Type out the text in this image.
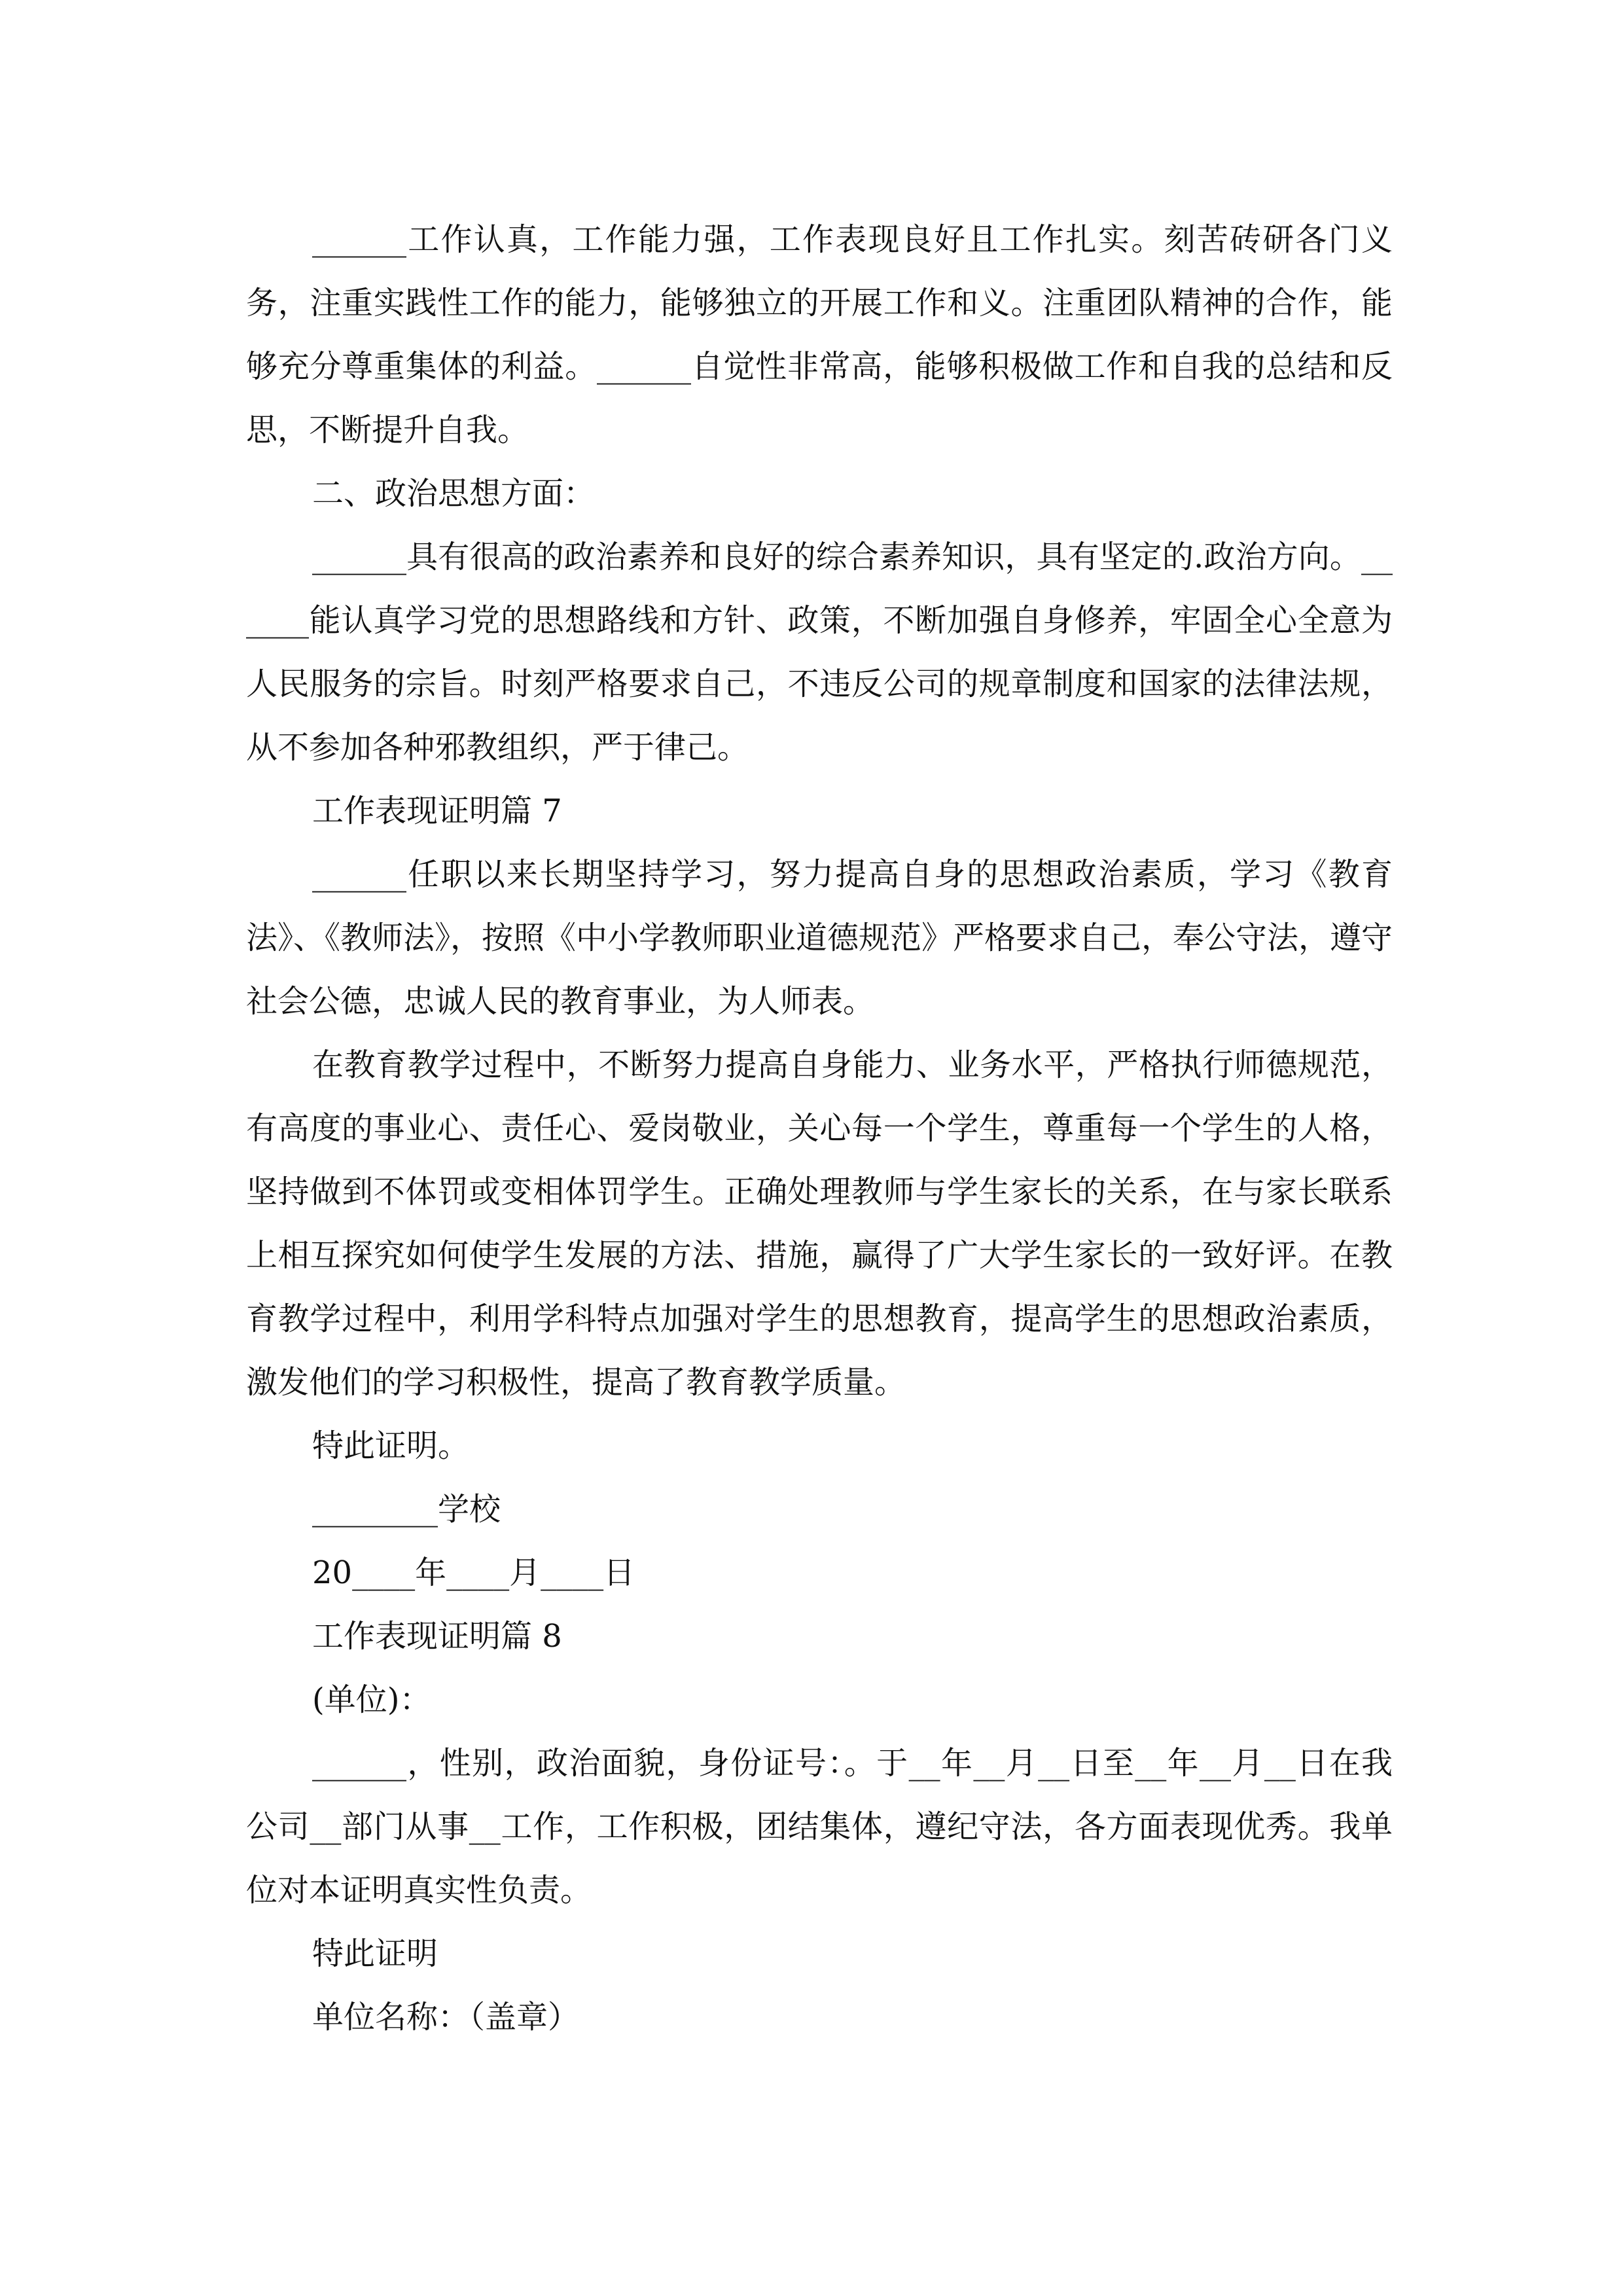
______工作认真，工作能力强，工作表现良好且工作扎实。刻苦砖研各门义务，注重实践性工作的能力，能够独立的开展工作和义。注重团队精神的合作，能够充分尊重集体的利益。______自觉性非常高，能够积极做工作和自我的总结和反思，不断提升自我。

二、政治思想方面：

______具有很高的政治素养和良好的综合素养知识，具有坚定的.政治方向。______能认真学习党的思想路线和方针、政策，不断加强自身修养，牢固全心全意为人民服务的宗旨。时刻严格要求自己，不违反公司的规章制度和国家的法律法规，从不参加各种邪教组织，严于律己。

工作表现证明篇 7

______任职以来长期坚持学习，努力提高自身的思想政治素质，学习《教育法》、《教师法》，按照《中小学教师职业道德规范》严格要求自己，奉公守法，遵守社会公德，忠诚人民的教育事业，为人师表。

在教育教学过程中，不断努力提高自身能力、业务水平，严格执行师德规范，有高度的事业心、责任心、爱岗敬业，关心每一个学生，尊重每一个学生的人格，坚持做到不体罚或变相体罚学生。正确处理教师与学生家长的关系，在与家长联系上相互探究如何使学生发展的方法、措施，赢得了广大学生家长的一致好评。在教育教学过程中，利用学科特点加强对学生的思想教育，提高学生的思想政治素质，激发他们的学习积极性，提高了教育教学质量。

特此证明。

________学校

20____年____月____日

工作表现证明篇 8

(单位)：

______，性别，政治面貌，身份证号：。于__年__月__日至__年__月__日在我公司__部门从事__工作，工作积极，团结集体，遵纪守法，各方面表现优秀。我单位对本证明真实性负责。

特此证明

单位名称：（盖章）
